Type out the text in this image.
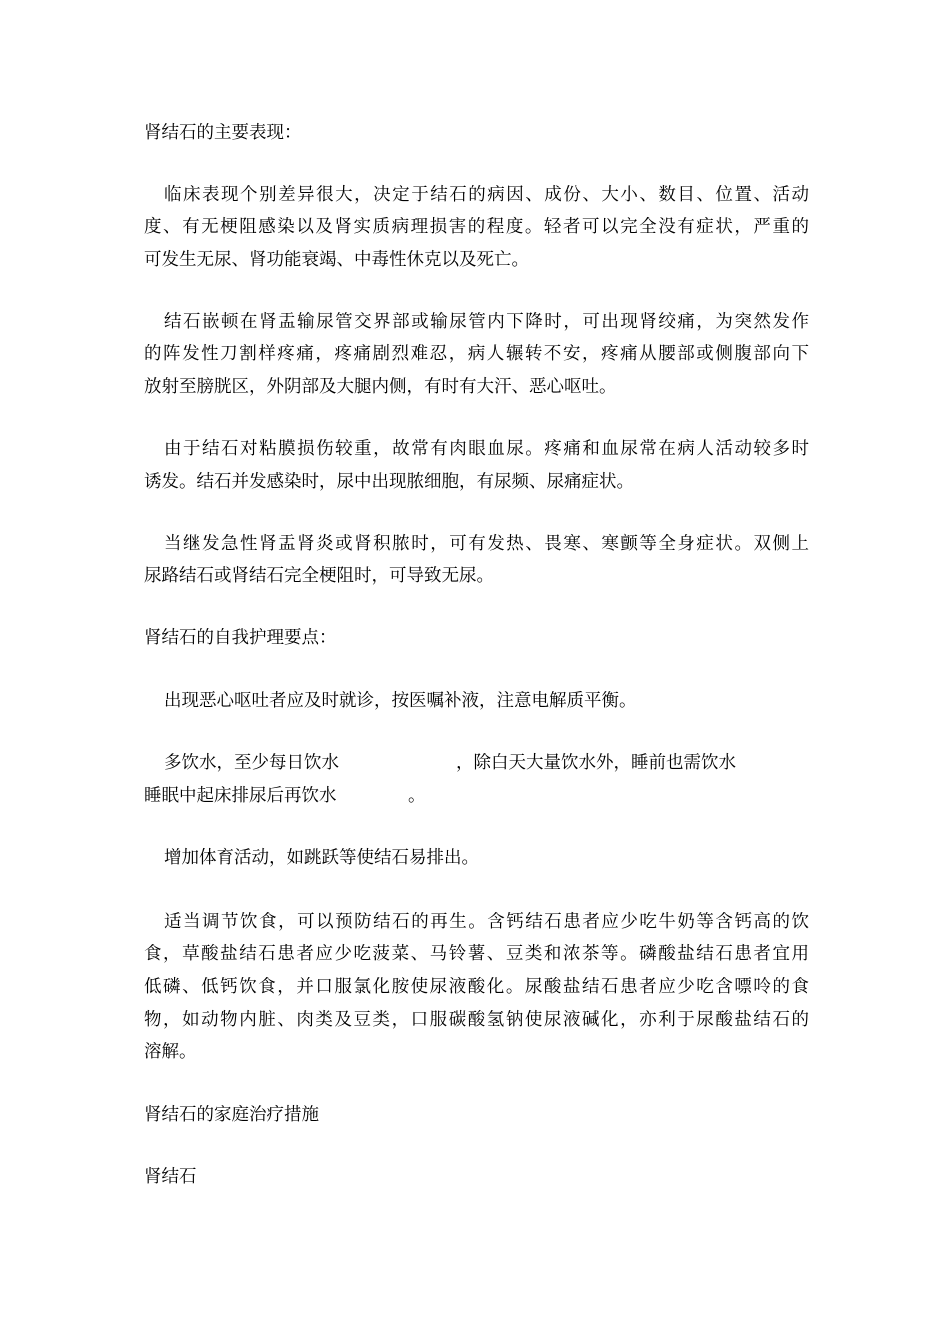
肾结石的主要表现：

临床表现个别差异很大，决定于结石的病因、成份、大小、数目、位置、活动

度、有无梗阻感染以及肾实质病理损害的程度。轻者可以完全没有症状，严重的

可发生无尿、肾功能衰竭、中毒性休克以及死亡。

结石嵌顿在肾盂输尿管交界部或输尿管内下降时，可出现肾绞痛，为突然发作

的阵发性刀割样疼痛，疼痛剧烈难忍，病人辗转不安，疼痛从腰部或侧腹部向下

放射至膀胱区，外阴部及大腿内侧，有时有大汗、恶心呕吐。

由于结石对粘膜损伤较重，故常有肉眼血尿。疼痛和血尿常在病人活动较多时

诱发。结石并发感染时，尿中出现脓细胞，有尿频、尿痛症状。

当继发急性肾盂肾炎或肾积脓时，可有发热、畏寒、寒颤等全身症状。双侧上

尿路结石或肾结石完全梗阻时，可导致无尿。

肾结石的自我护理要点：

出现恶心呕吐者应及时就诊，按医嘱补液，注意电解质平衡。

多饮水，至少每日饮水	，除白天大量饮水外，睡前也需饮水
睡眠中起床排尿后再饮水	。

增加体育活动，如跳跃等使结石易排出。

适当调节饮食，可以预防结石的再生。含钙结石患者应少吃牛奶等含钙高的饮

食，草酸盐结石患者应少吃菠菜、马铃薯、豆类和浓茶等。磷酸盐结石患者宜用

低磷、低钙饮食，并口服氯化胺使尿液酸化。尿酸盐结石患者应少吃含嘌呤的食

物，如动物内脏、肉类及豆类，口服碳酸氢钠使尿液碱化，亦利于尿酸盐结石的

溶解。

肾结石的家庭治疗措施

肾结石
